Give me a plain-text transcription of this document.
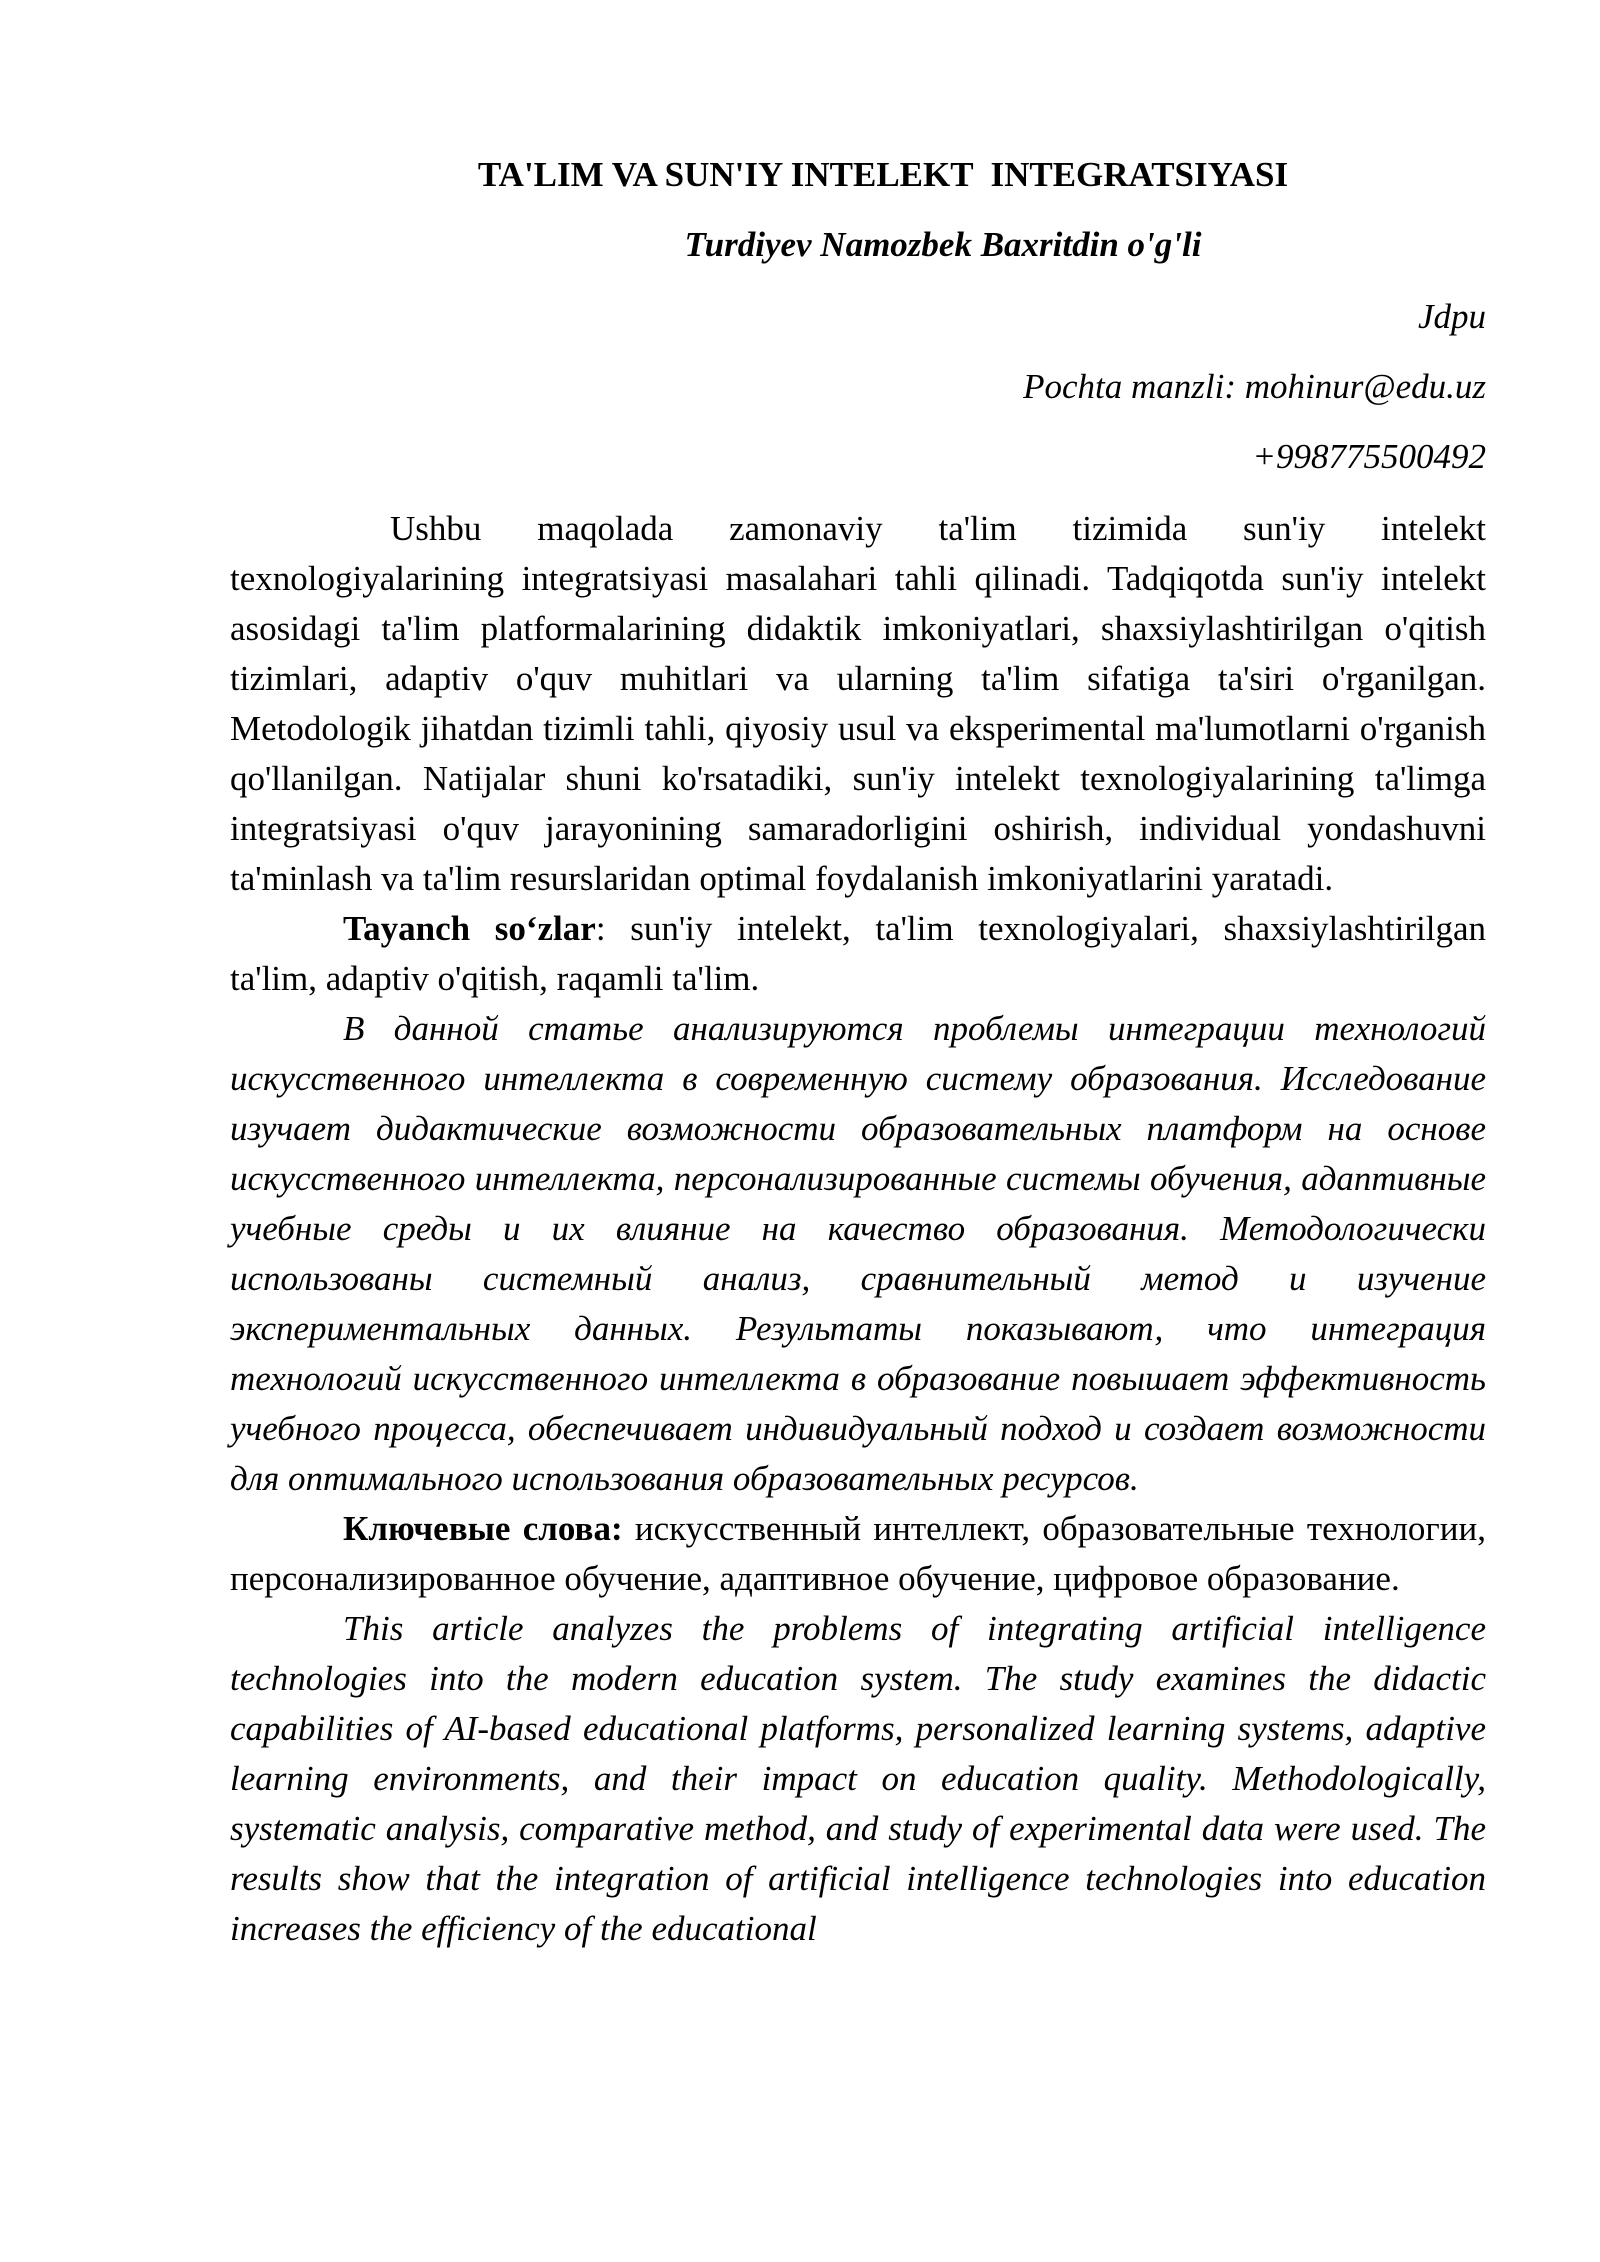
TA'LIM VA SUN'IY INTELEKT  INTEGRATSIYASI
Turdiyev Namozbek Baxritdin o'g'li
Jdpu
Pochta manzli: mohinur@edu.uz
+998775500492

Ushbu maqolada zamonaviy ta'lim tizimida sun'iy intelekt texnologiyalarining integratsiyasi masalahari tahli qilinadi. Tadqiqotda sun'iy intelekt asosidagi ta'lim platformalarining didaktik imkoniyatlari, shaxsiylashtirilgan o'qitish tizimlari, adaptiv o'quv muhitlari va ularning ta'lim sifatiga ta'siri o'rganilgan. Metodologik jihatdan tizimli tahli, qiyosiy usul va eksperimental ma'lumotlarni o'rganish qo'llanilgan. Natijalar shuni ko'rsatadiki, sun'iy intelekt texnologiyalarining ta'limga integratsiyasi o'quv jarayonining samaradorligini oshirish, individual yondashuvni ta'minlash va ta'lim resurslaridan optimal foydalanish imkoniyatlarini yaratadi.

Tayanch so‘zlar: sun'iy intelekt, ta'lim texnologiyalari, shaxsiylashtirilgan ta'lim, adaptiv o'qitish, raqamli ta'lim.

В данной статье анализируются проблемы интеграции технологий искусственного интеллекта в современную систему образования. Исследование изучает дидактические возможности образовательных платформ на основе искусственного интеллекта, персонализированные системы обучения, адаптивные учебные среды и их влияние на качество образования. Методологически использованы системный анализ, сравнительный метод и изучение экспериментальных данных. Результаты показывают, что интеграция технологий искусственного интеллекта в образование повышает эффективность учебного процесса, обеспечивает индивидуальный подход и создает возможности для оптимального использования образовательных ресурсов.

Ключевые слова: искусственный интеллект, образовательные технологии, персонализированное обучение, адаптивное обучение, цифровое образование.

This article analyzes the problems of integrating artificial intelligence technologies into the modern education system. The study examines the didactic capabilities of AI-based educational platforms, personalized learning systems, adaptive learning environments, and their impact on education quality. Methodologically, systematic analysis, comparative method, and study of experimental data were used. The results show that the integration of artificial intelligence technologies into education increases the efficiency of the educational
